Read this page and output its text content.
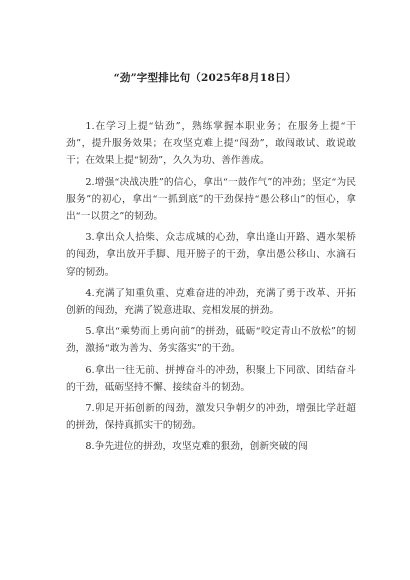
“劲”字型排比句（2025年8月18日）

1.在学习上提“钻劲”，熟练掌握本职业务；在服务上提“干劲”，提升服务效果；在攻坚克难上提“闯劲”，敢闯敢试、敢说敢干；在效果上提“韧劲”，久久为功、善作善成。

2.增强“决战决胜”的信心，拿出“一鼓作气”的冲劲；坚定“为民服务”的初心，拿出“一抓到底”的干劲保持“愚公移山”的恒心，拿出“一以贯之”的韧劲。

3.拿出众人拾柴、众志成城的心劲，拿出逢山开路、遇水架桥的闯劲，拿出放开手脚、甩开膀子的干劲，拿出愚公移山、水滴石穿的韧劲。

4.充满了知重负重、克难奋进的冲劲，充满了勇于改革、开拓创新的闯劲，充满了锐意进取、竞相发展的拼劲。

5.拿出“乘势而上勇向前”的拼劲，砥砺“咬定青山不放松”的韧劲，激扬“敢为善为、务实落实”的干劲。

6.拿出一往无前、拼搏奋斗的冲劲，积聚上下同欲、团结奋斗的干劲，砥砺坚持不懈、接续奋斗的韧劲。

7.卯足开拓创新的闯劲，激发只争朝夕的冲劲，增强比学赶超的拼劲，保持真抓实干的韧劲。

8.争先进位的拼劲，攻坚克难的狠劲，创新突破的闯
